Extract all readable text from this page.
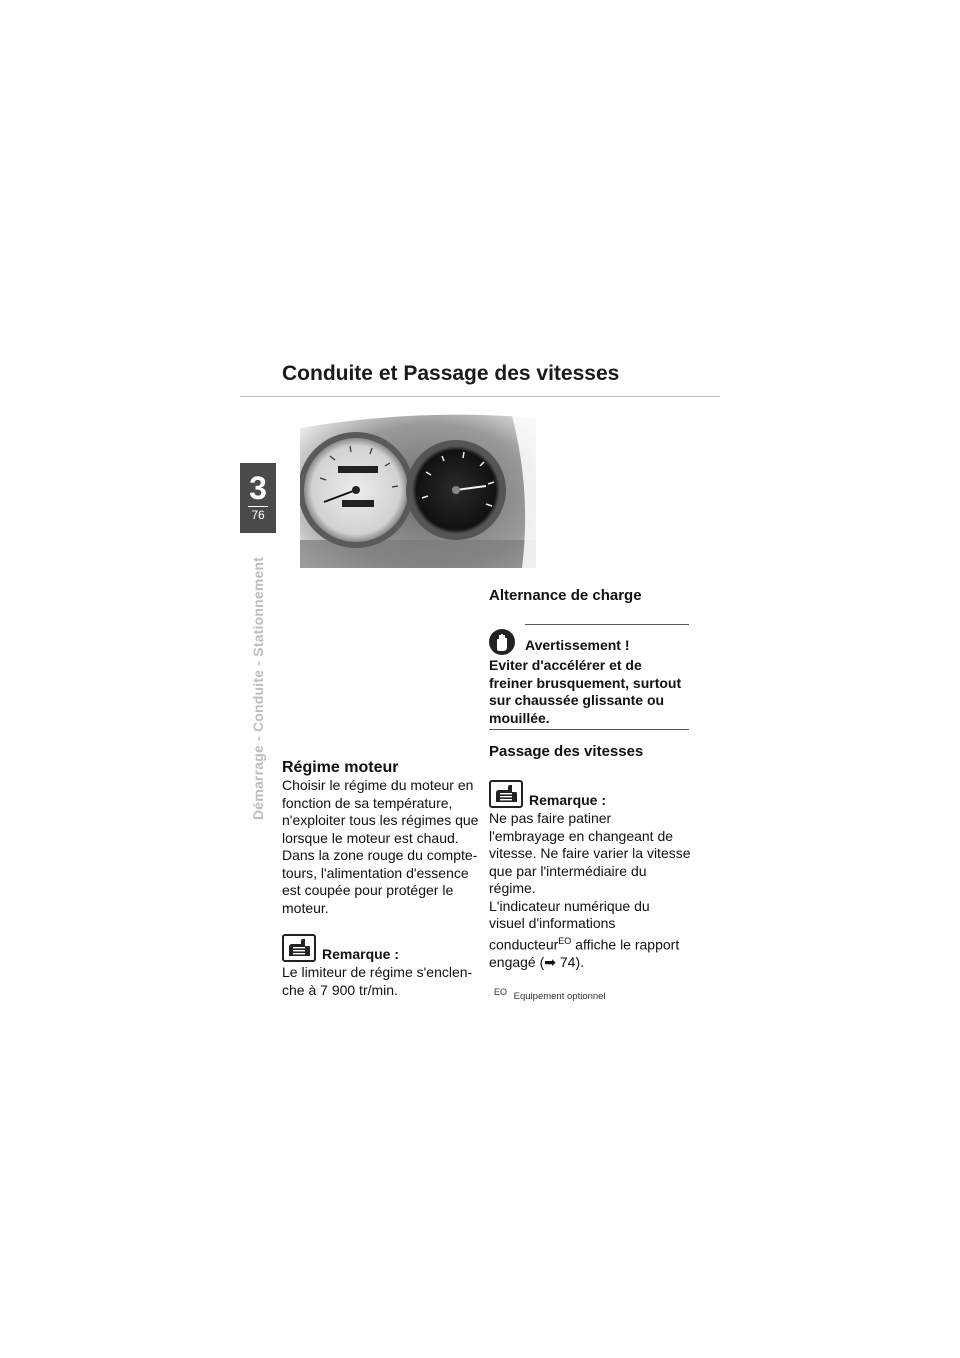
Conduite et Passage des vitesses
3
76
Démarrage - Conduite - Stationnement Régime moteur
Choisir le régime du moteur en
fonction de sa température,
n'exploiter tous les régimes que
lorsque le moteur est chaud.
Dans la zone rouge du compte-
tours, l'alimentation d'essence
est coupée pour protéger le
moteur.
Remarque :
Le limiteur de régime s'enclen-
che à 7 900 tr/min.
Alternance de charge
Avertissement !
Eviter d'accélérer et de
freiner brusquement, surtout
sur chaussée glissante ou
mouillée.
Passage des vitesses
Remarque :
Ne pas faire patiner
l'embrayage en changeant de
vitesse. Ne faire varier la vitesse
que par l'intermédiaire du
régime.
L'indicateur numérique du
visuel d'informations
conducteur$^{EO}$ affiche le rapport
engagé (➡ 74).
$^{EO}$ Equipement optionnel
